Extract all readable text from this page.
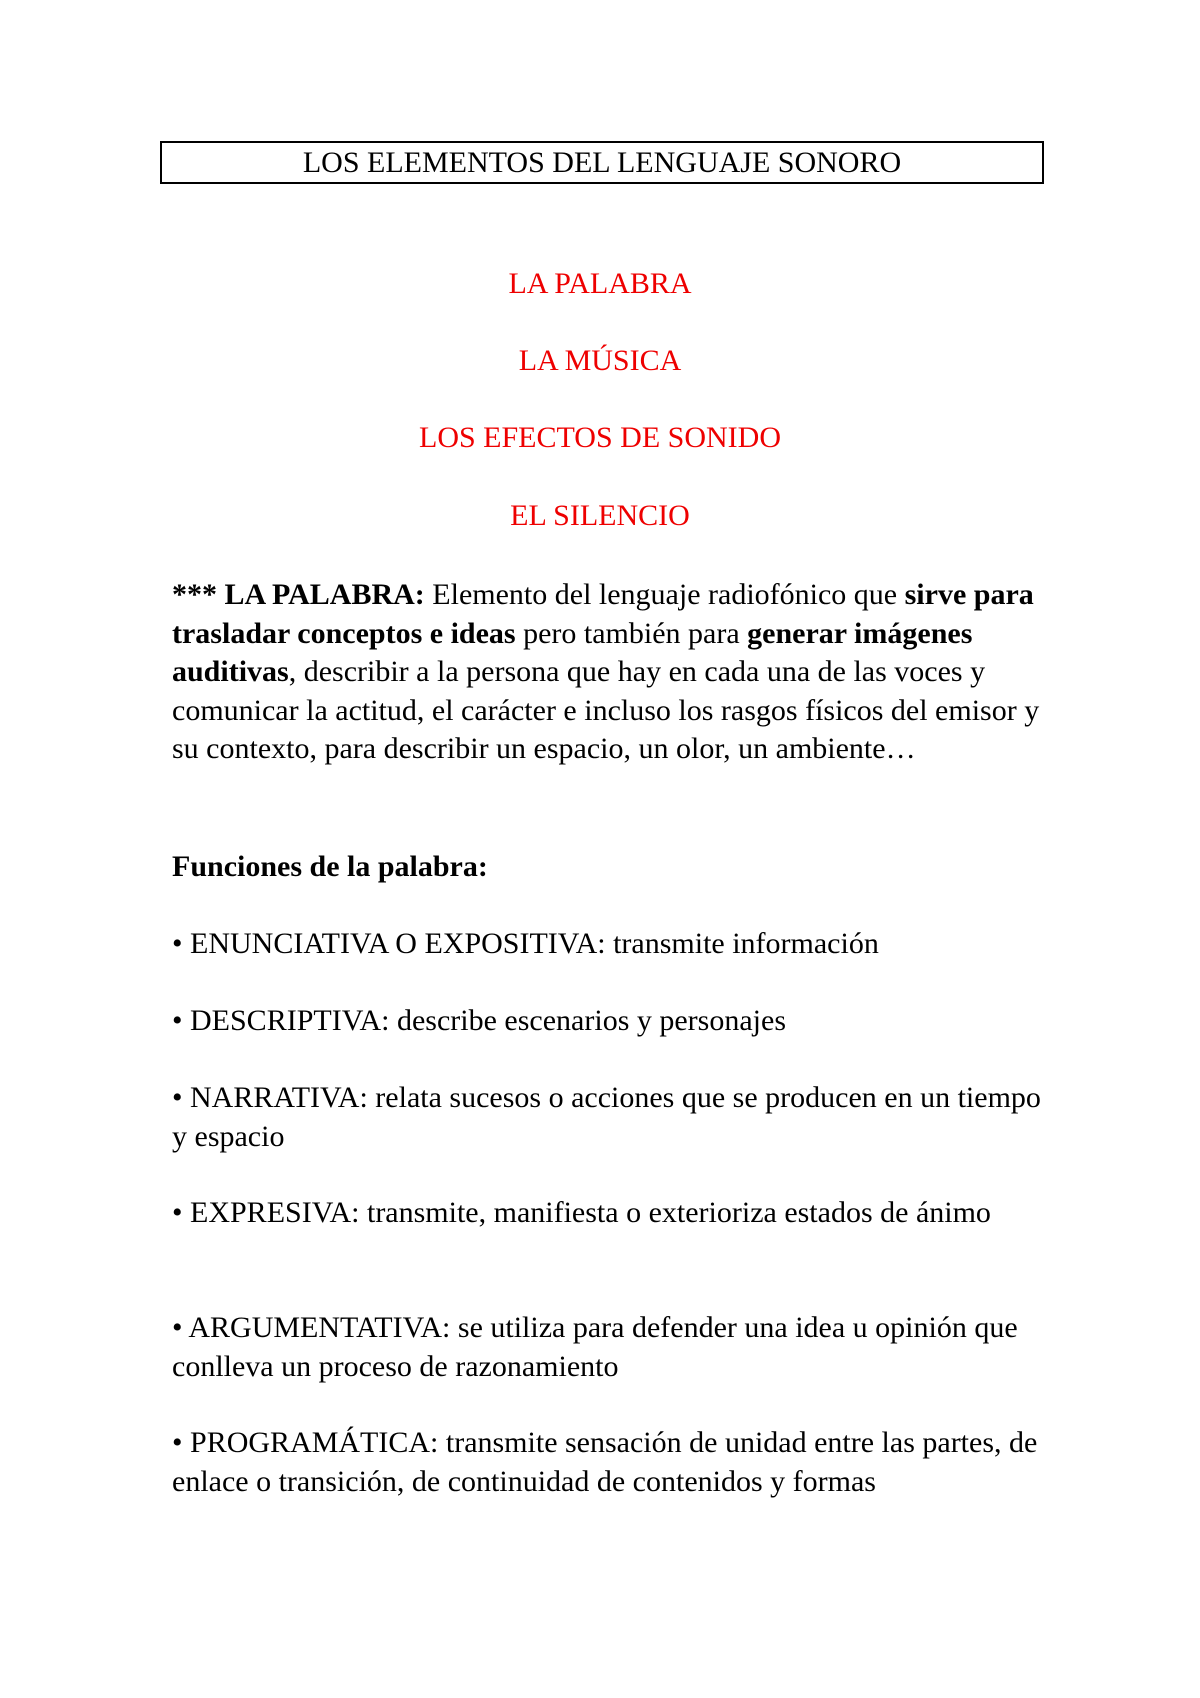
LOS ELEMENTOS DEL LENGUAJE SONORO
LA PALABRA
LA MÚSICA
LOS EFECTOS DE SONIDO
EL SILENCIO
*** LA PALABRA: Elemento del lenguaje radiofónico que sirve para trasladar conceptos e ideas pero también para generar imágenes auditivas, describir a la persona que hay en cada una de las voces y comunicar la actitud, el carácter e incluso los rasgos físicos del emisor y su contexto, para describir un espacio, un olor, un ambiente…
Funciones de la palabra:
• ENUNCIATIVA O EXPOSITIVA: transmite información
• DESCRIPTIVA: describe escenarios y personajes
• NARRATIVA: relata sucesos o acciones que se producen en un tiempo y espacio
• EXPRESIVA: transmite, manifiesta o exterioriza estados de ánimo
• ARGUMENTATIVA: se utiliza para defender una idea u opinión que conlleva un proceso de razonamiento
• PROGRAMÁTICA: transmite sensación de unidad entre las partes, de enlace o transición, de continuidad de contenidos y formas
